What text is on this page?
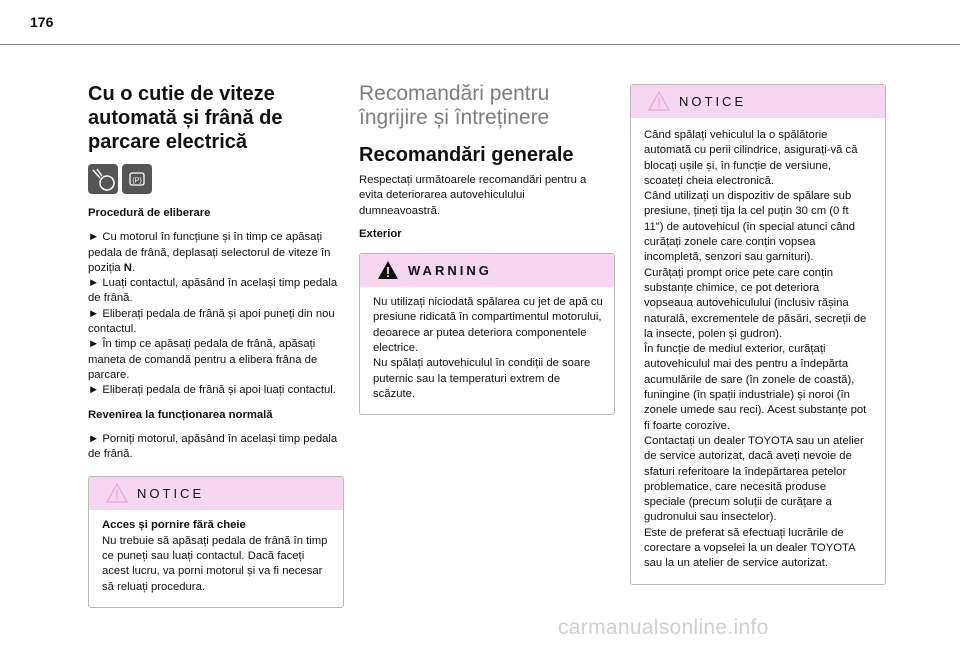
176
Cu o cutie de viteze automată și frână de parcare electrică
(P)
Procedură de eliberare

► Cu motorul în funcțiune și în timp ce apăsați pedala de frână, deplasați selectorul de viteze în poziția N.

► Luați contactul, apăsând în același timp pedala de frână.

► Eliberați pedala de frână și apoi puneți din nou contactul.

► În timp ce apăsați pedala de frână, apăsați maneta de comandă pentru a elibera frâna de parcare.

► Eliberați pedala de frână și apoi luați contactul.

Revenirea la funcționarea normală

► Porniți motorul, apăsând în același timp pedala de frână.

NOTICE
Acces și pornire fără cheie

Nu trebuie să apăsați pedala de frână în timp ce puneți sau luați contactul. Dacă faceți acest lucru, va porni motorul și va fi necesar să reluați procedura.

Recomandări pentru îngrijire și întreținere
Recomandări generale

Respectați următoarele recomandări pentru a evita deteriorarea autovehiculului dumneavoastră.

Exterior
WARNING

Nu utilizați niciodată spălarea cu jet de apă cu presiune ridicată în compartimentul motorului, deoarece ar putea deteriora componentele electrice.

Nu spălați autovehiculul în condiții de soare puternic sau la temperaturi extrem de scăzute.

NOTICE

Când spălați vehiculul la o spălătorie automată cu perii cilindrice, asigurați-vă că blocați ușile și, în funcție de versiune, scoateți cheia electronică.

Când utilizați un dispozitiv de spălare sub presiune, țineți tija la cel puțin 30 cm (0 ft 11") de autovehicul (în special atunci când curățați zonele care conțin vopsea incompletă, senzori sau garnituri).

Curățați prompt orice pete care conțin substanțe chimice, ce pot deteriora vopseaua autovehiculului (inclusiv rășina naturală, excrementele de păsări, secreții de la insecte, polen și gudron).

În funcție de mediul exterior, curățați autovehiculul mai des pentru a îndepărta acumulările de sare (în zonele de coastă), funingine (în spații industriale) și noroi (în zonele umede sau reci). Acest substanțe pot fi foarte corozive.

Contactați un dealer TOYOTA sau un atelier de service autorizat, dacă aveți nevoie de sfaturi referitoare la îndepărtarea petelor problematice, care necesită produse speciale (precum soluții de curățare a gudronului sau insectelor).

Este de preferat să efectuați lucrările de corectare a vopselei la un dealer TOYOTA sau la un atelier de service autorizat.

carmanualsonline.info
